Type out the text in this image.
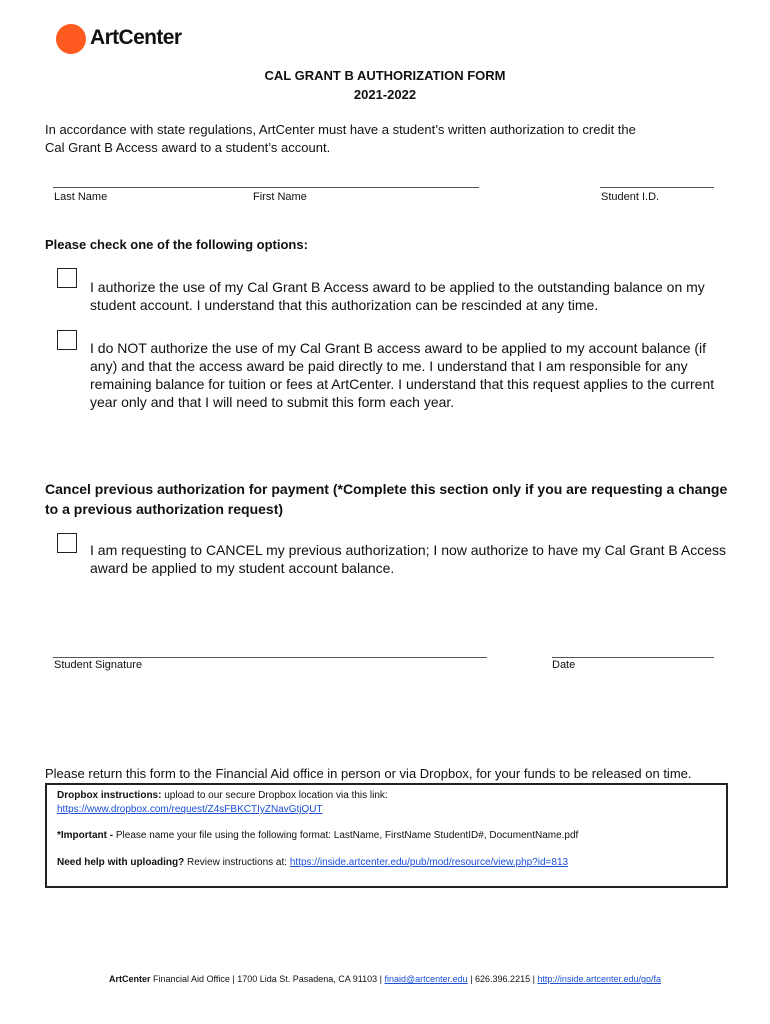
ArtCenter
CAL GRANT B AUTHORIZATION FORM
2021-2022
In accordance with state regulations, ArtCenter must have a student’s written authorization to credit the
Cal Grant B Access award to a student’s account.
Last Name	First Name	Student I.D.
Please check one of the following options:
I authorize the use of my Cal Grant B Access award to be applied to the outstanding balance on my student account. I understand that this authorization can be rescinded at any time.
I do NOT authorize the use of my Cal Grant B access award to be applied to my account balance (if any) and that the access award be paid directly to me. I understand that I am responsible for any remaining balance for tuition or fees at ArtCenter. I understand that this request applies to the current year only and that I will need to submit this form each year.
Cancel previous authorization for payment (*Complete this section only if you are requesting a change to a previous authorization request)
I am requesting to CANCEL my previous authorization; I now authorize to have my Cal Grant B Access award be applied to my student account balance.
Student Signature	Date
Please return this form to the Financial Aid office in person or via Dropbox, for your funds to be released on time.
Dropbox instructions: upload to our secure Dropbox location via this link:
https://www.dropbox.com/request/Z4sFBKCTIyZNavGtjQUT
*Important - Please name your file using the following format: LastName, FirstName StudentID#, DocumentName.pdf
Need help with uploading? Review instructions at: https://inside.artcenter.edu/pub/mod/resource/view.php?id=813
ArtCenter Financial Aid Office | 1700 Lida St. Pasadena, CA 91103 | finaid@artcenter.edu | 626.396.2215 | http://inside.artcenter.edu/go/fa
